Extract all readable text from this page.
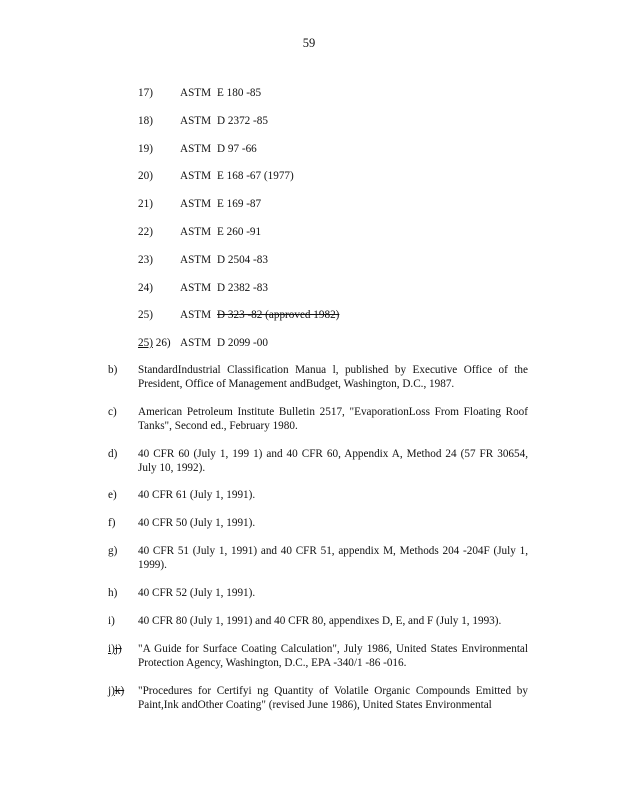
59
17) ASTM E 180 -85
18) ASTM D 2372 -85
19) ASTM D 97 -66
20) ASTM E 168 -67 (1977)
21) ASTM E 169 -87
22) ASTM E 260 -91
23) ASTM D 2504 -83
24) ASTM D 2382 -83
25) ASTM D 323 -82 (approved 1982)
25) 26) ASTM D 2099 -00
b) StandardIndustrial Classification Manua l, published by Executive Office of the President, Office of Management andBudget, Washington, D.C., 1987.
c) American Petroleum Institute Bulletin 2517, "EvaporationLoss From Floating Roof Tanks", Second ed., February 1980.
d) 40 CFR 60 (July 1, 199 1) and 40 CFR 60, Appendix A, Method 24 (57 FR 30654, July 10, 1992).
e) 40 CFR 61 (July 1, 1991).
f) 40 CFR 50 (July 1, 1991).
g) 40 CFR 51 (July 1, 1991) and 40 CFR 51, appendix M, Methods 204 -204F (July 1, 1999).
h) 40 CFR 52 (July 1, 1991).
i) 40 CFR 80 (July 1, 1991) and 40 CFR 80, appendixes D, E, and F (July 1, 1993).
i)j) "A Guide for Surface Coating Calculation", July 1986, United States Environmental Protection Agency, Washington, D.C., EPA -340/1 -86 -016.
j)k) "Procedures for Certifyi ng Quantity of Volatile Organic Compounds Emitted by Paint,Ink andOther Coating" (revised June 1986), United States Environmental
